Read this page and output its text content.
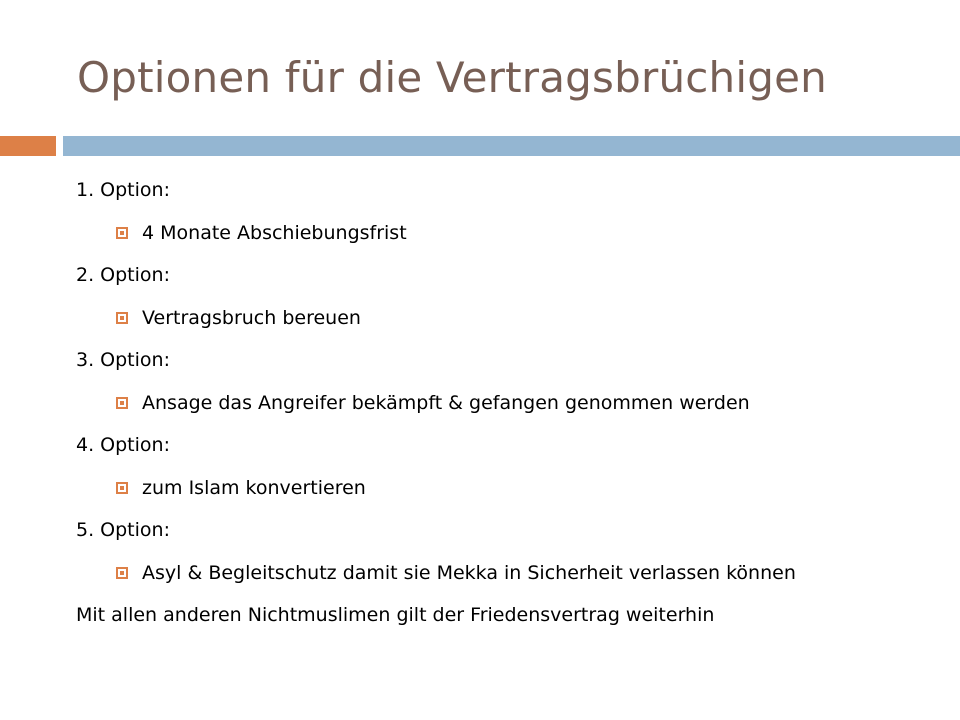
Optionen für die Vertragsbrüchigen
1. Option:
4 Monate Abschiebungsfrist
2. Option:
Vertragsbruch bereuen
3. Option:
Ansage das Angreifer bekämpft & gefangen genommen werden
4. Option:
zum Islam konvertieren
5. Option:
Asyl & Begleitschutz damit sie Mekka in Sicherheit verlassen können
Mit allen anderen Nichtmuslimen gilt der Friedensvertrag weiterhin
